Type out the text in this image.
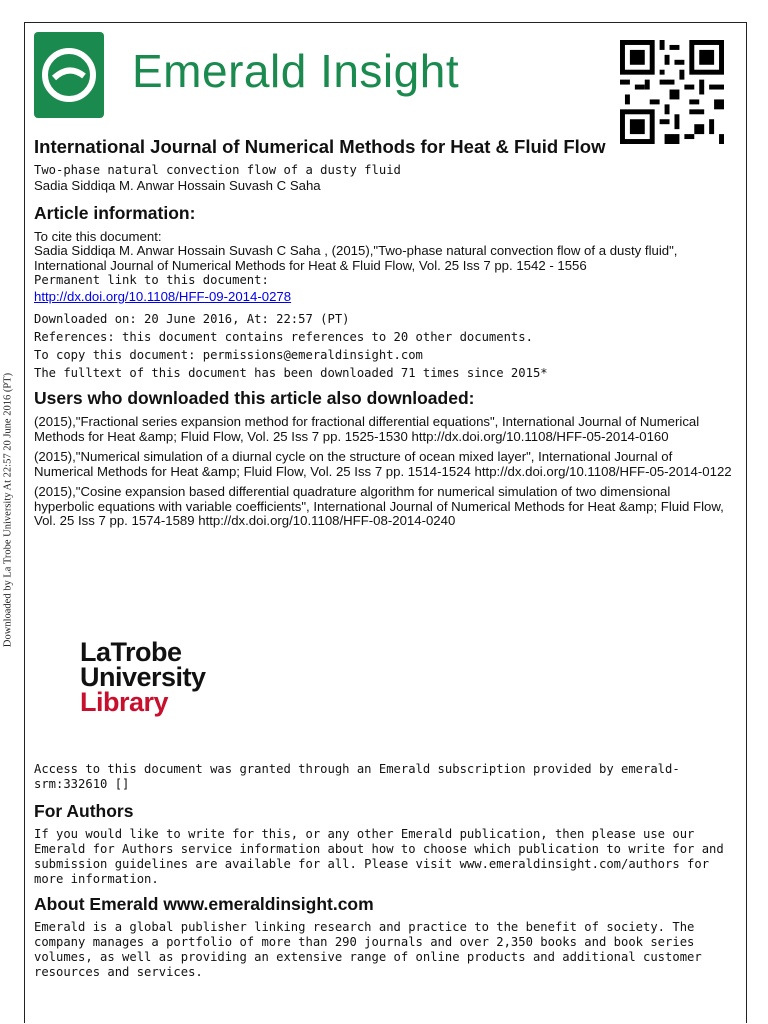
Downloaded by La Trobe University At 22:57 20 June 2016 (PT)
Emerald Insight
International Journal of Numerical Methods for Heat & Fluid Flow
Two-phase natural convection flow of a dusty fluid
Sadia Siddiqa M. Anwar Hossain Suvash C Saha
Article information:
To cite this document:
Sadia Siddiqa M. Anwar Hossain Suvash C Saha , (2015),"Two-phase natural convection flow of a dusty fluid", International Journal of Numerical Methods for Heat & Fluid Flow, Vol. 25 Iss 7 pp. 1542 - 1556
Permanent link to this document:
http://dx.doi.org/10.1108/HFF-09-2014-0278
Downloaded on: 20 June 2016, At: 22:57 (PT)
References: this document contains references to 20 other documents.
To copy this document: permissions@emeraldinsight.com
The fulltext of this document has been downloaded 71 times since 2015*
Users who downloaded this article also downloaded:

(2015),"Fractional series expansion method for fractional differential equations", International Journal of Numerical Methods for Heat &amp; Fluid Flow, Vol. 25 Iss 7 pp. 1525-1530 http://dx.doi.org/10.1108/HFF-05-2014-0160

(2015),"Numerical simulation of a diurnal cycle on the structure of ocean mixed layer", International Journal of Numerical Methods for Heat &amp; Fluid Flow, Vol. 25 Iss 7 pp. 1514-1524 http://dx.doi.org/10.1108/HFF-05-2014-0122

(2015),"Cosine expansion based differential quadrature algorithm for numerical simulation of two dimensional hyperbolic equations with variable coefficients", International Journal of Numerical Methods for Heat &amp; Fluid Flow, Vol. 25 Iss 7 pp. 1574-1589 http://dx.doi.org/10.1108/HFF-08-2014-0240

LaTrobe
University
Library
Access to this document was granted through an Emerald subscription provided by emerald-srm:332610 []
For Authors
If you would like to write for this, or any other Emerald publication, then please use our Emerald for Authors service information about how to choose which publication to write for and submission guidelines are available for all. Please visit www.emeraldinsight.com/authors for more information.
About Emerald www.emeraldinsight.com
Emerald is a global publisher linking research and practice to the benefit of society. The company manages a portfolio of more than 290 journals and over 2,350 books and book series volumes, as well as providing an extensive range of online products and additional customer resources and services.
